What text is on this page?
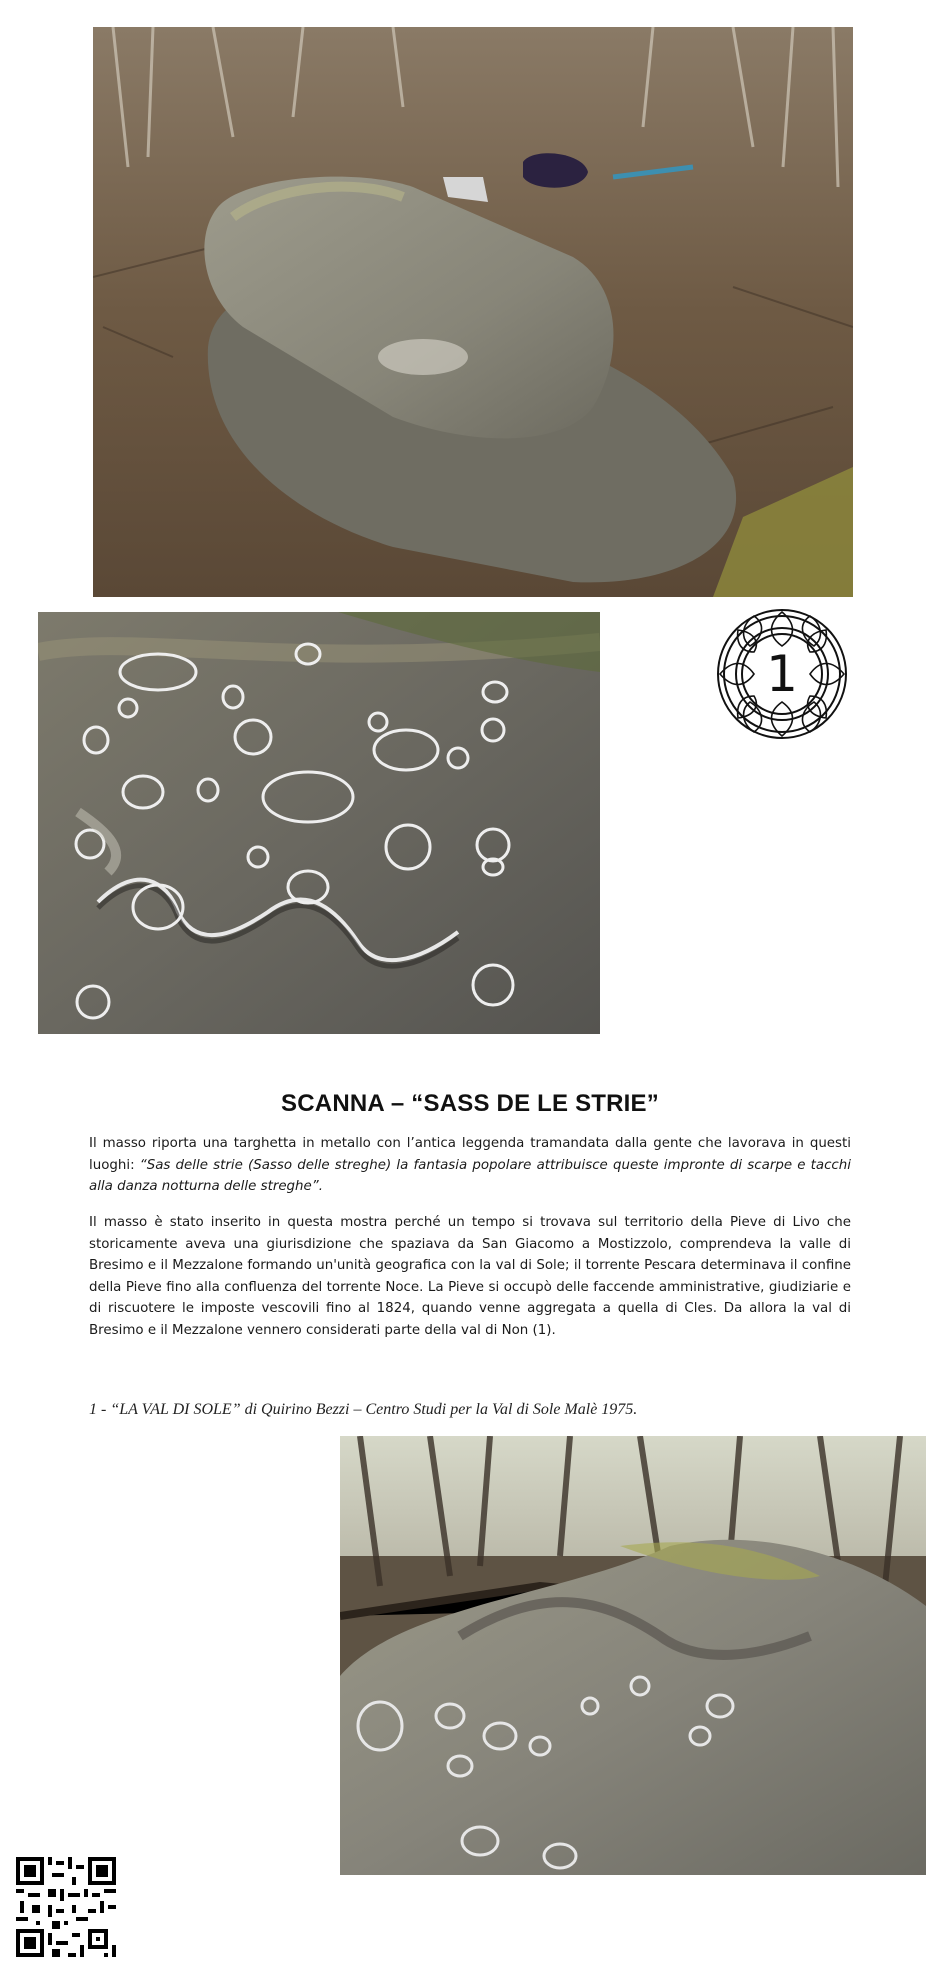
1
SCANNA – “SASS DE LE STRIE”

Il masso riporta una targhetta in metallo con l’antica leggenda tramandata dalla gente che lavorava in questi luoghi: “Sas delle strie (Sasso delle streghe) la fantasia popolare attribuisce queste impronte di scarpe e tacchi alla danza notturna delle streghe”.

Il masso è stato inserito in questa mostra perché un tempo si trovava sul territorio della Pieve di Livo che storicamente aveva una giurisdizione che spaziava da San Giacomo a Mostizzolo, comprendeva la valle di Bresimo e il Mezzalone formando un'unità geografica con la val di Sole; il torrente Pescara determinava il confine della Pieve fino alla confluenza del torrente Noce. La Pieve si occupò delle faccende amministrative, giudiziarie e di riscuotere le imposte vescovili fino al 1824, quando venne aggregata a quella di Cles. Da allora la val di Bresimo e il Mezzalone vennero considerati parte della val di Non (1).

1 - “LA VAL DI SOLE” di Quirino Bezzi – Centro Studi per la Val di Sole Malè 1975.
